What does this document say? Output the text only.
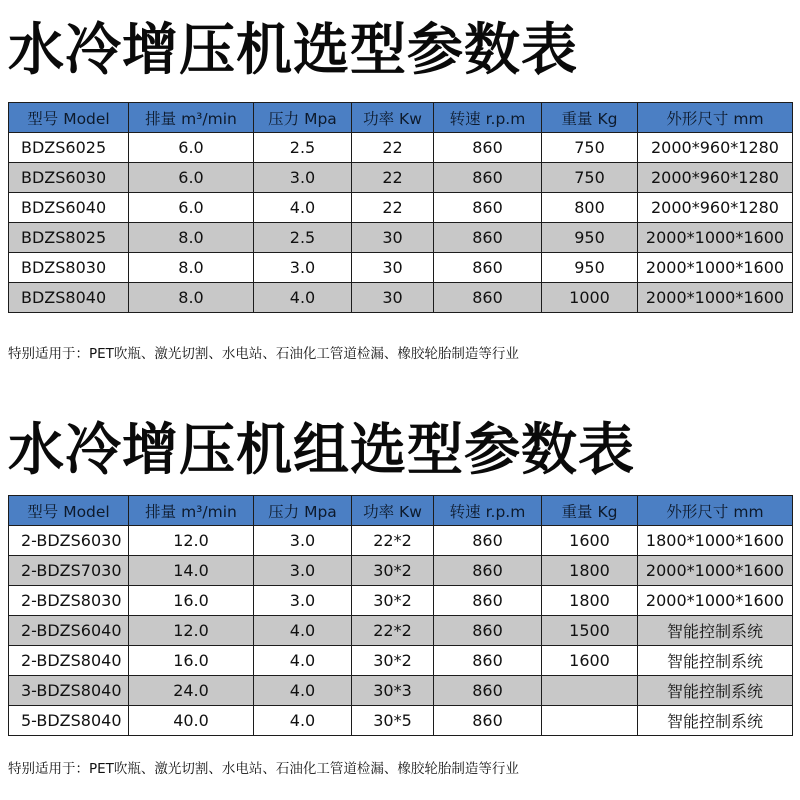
水冷增压机选型参数表
型号 Model	排量 m³/min	压力 Mpa	功率 Kw	转速 r.p.m	重量 Kg	外形尺寸 mm
BDZS6025	6.0	2.5	22	860	750	2000*960*1280
BDZS6030	6.0	3.0	22	860	750	2000*960*1280
BDZS6040	6.0	4.0	22	860	800	2000*960*1280
BDZS8025	8.0	2.5	30	860	950	2000*1000*1600
BDZS8030	8.0	3.0	30	860	950	2000*1000*1600
BDZS8040	8.0	4.0	30	860	1000	2000*1000*1600
特别适用于：PET吹瓶、激光切割、水电站、石油化工管道检漏、橡胶轮胎制造等行业
水冷增压机组选型参数表
型号 Model	排量 m³/min	压力 Mpa	功率 Kw	转速 r.p.m	重量 Kg	外形尺寸 mm
2-BDZS6030	12.0	3.0	22*2	860	1600	1800*1000*1600
2-BDZS7030	14.0	3.0	30*2	860	1800	2000*1000*1600
2-BDZS8030	16.0	3.0	30*2	860	1800	2000*1000*1600
2-BDZS6040	12.0	4.0	22*2	860	1500	智能控制系统
2-BDZS8040	16.0	4.0	30*2	860	1600	智能控制系统
3-BDZS8040	24.0	4.0	30*3	860		智能控制系统
5-BDZS8040	40.0	4.0	30*5	860		智能控制系统
特别适用于：PET吹瓶、激光切割、水电站、石油化工管道检漏、橡胶轮胎制造等行业
